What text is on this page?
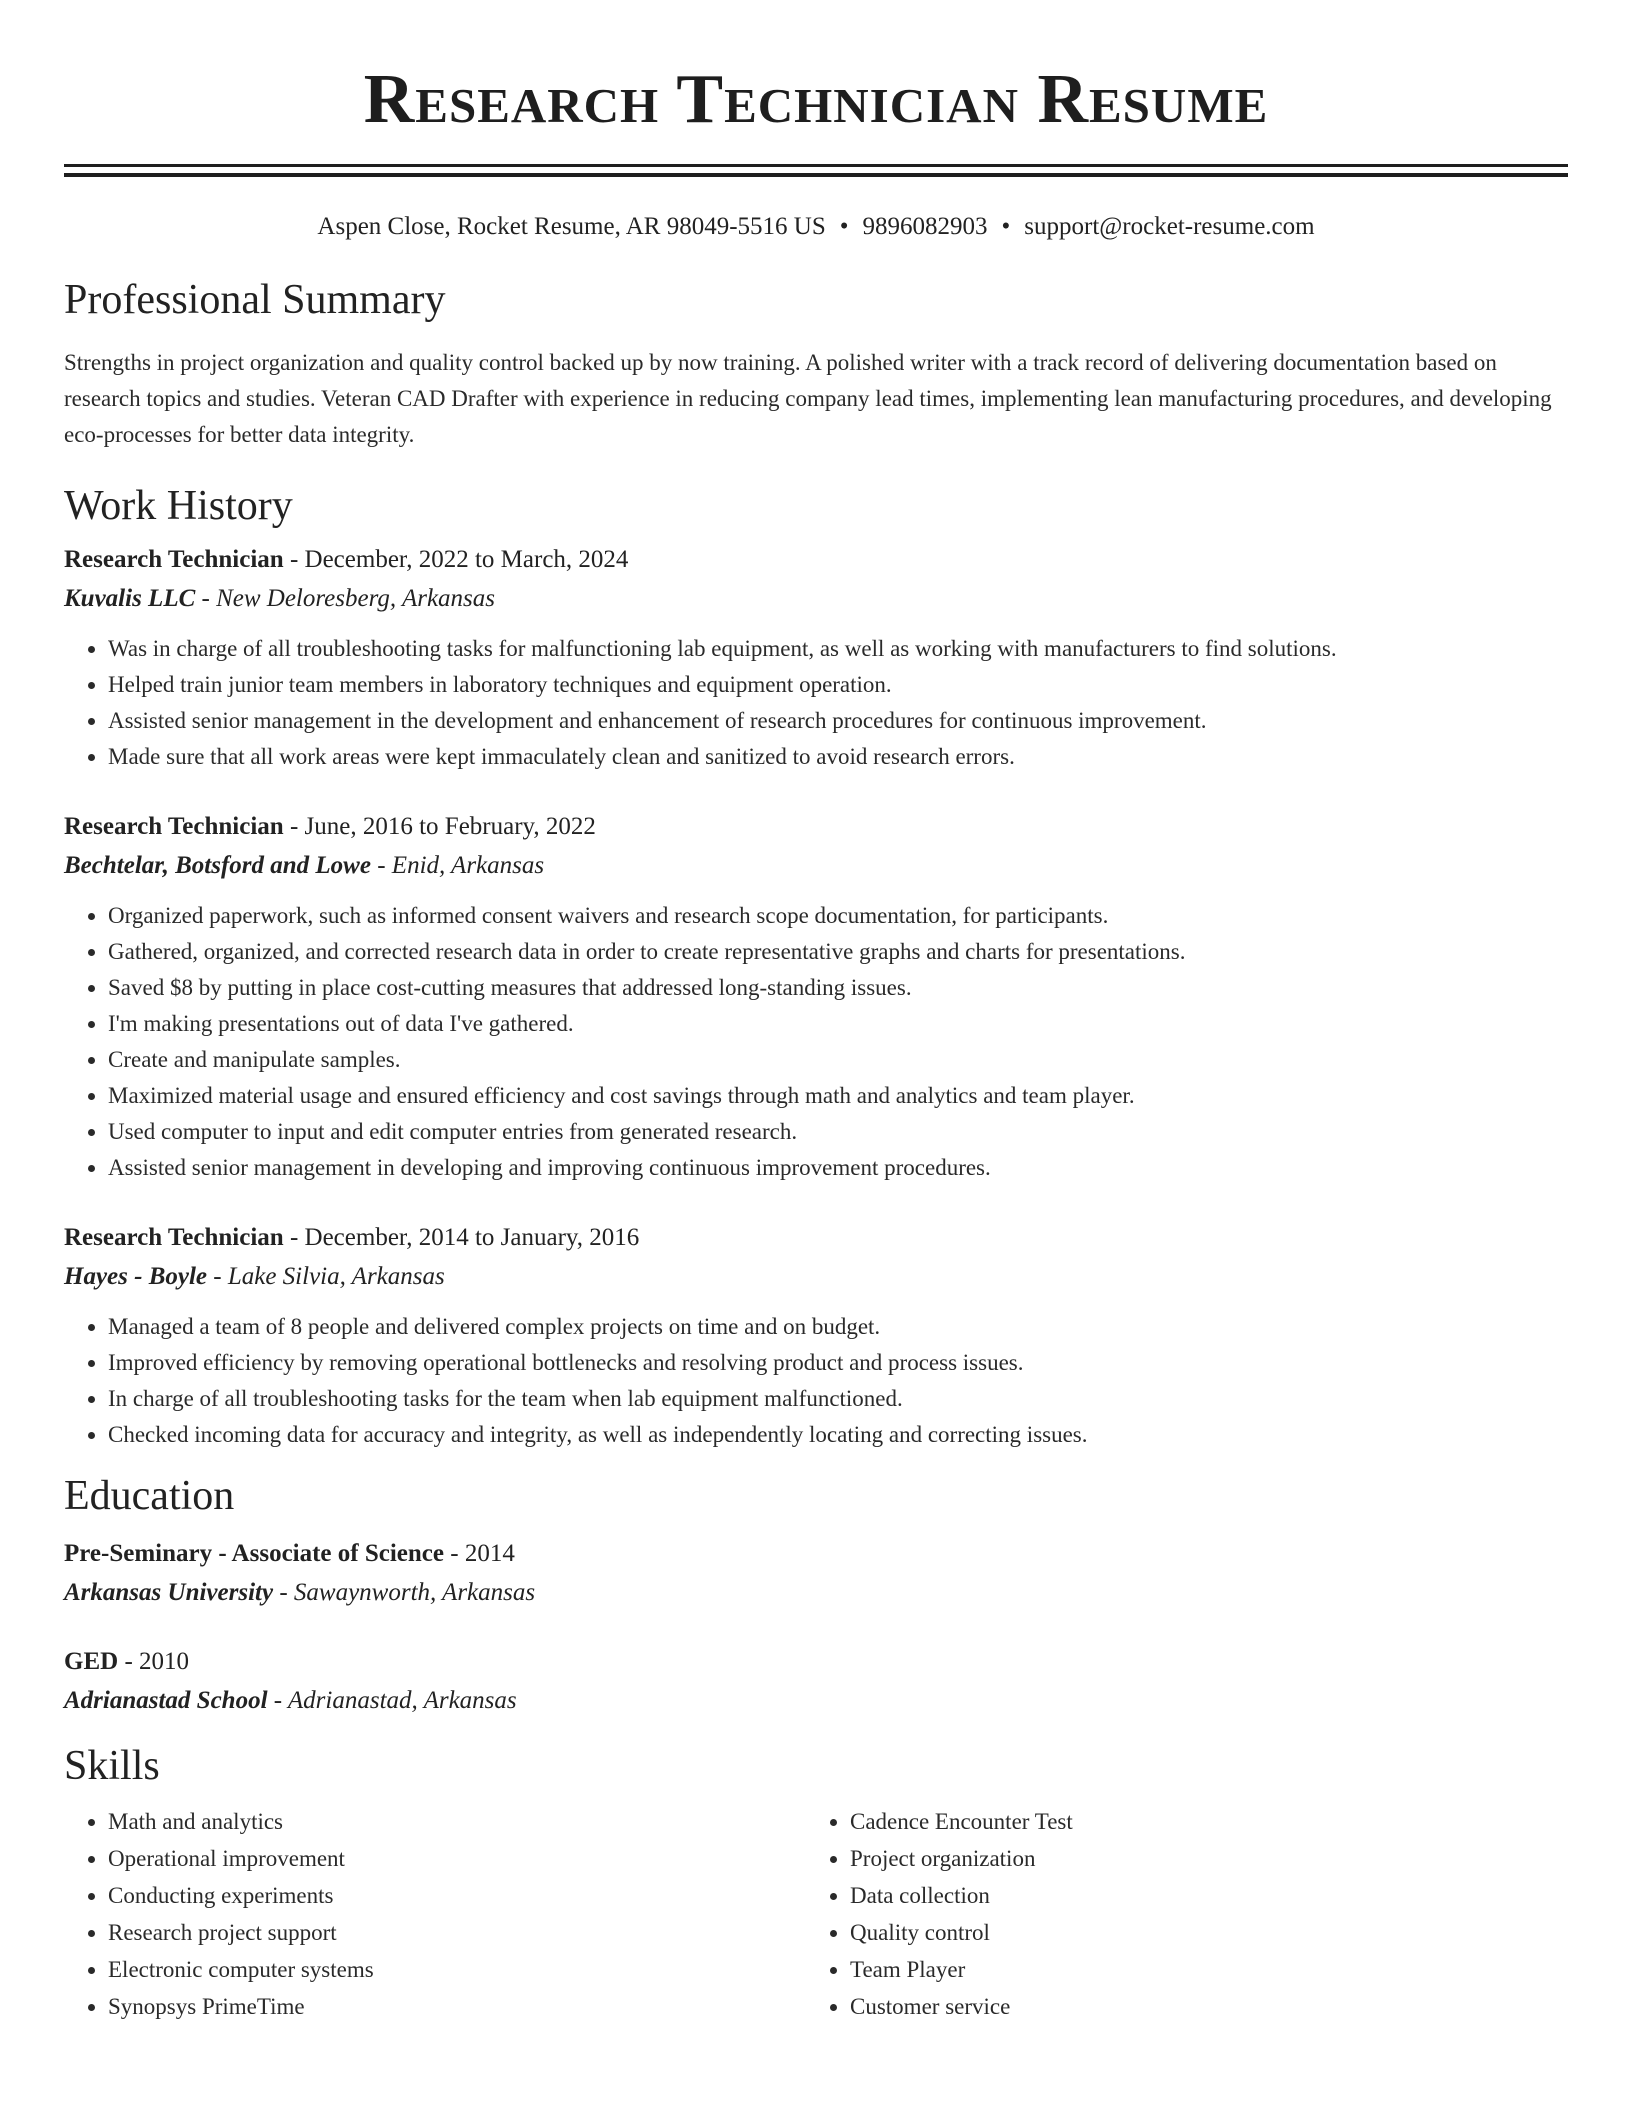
Research Technician Resume
Aspen Close, Rocket Resume, AR 98049-5516 US • 9896082903 • support@rocket-resume.com
Professional Summary
Strengths in project organization and quality control backed up by now training. A polished writer with a track record of delivering documentation based on research topics and studies. Veteran CAD Drafter with experience in reducing company lead times, implementing lean manufacturing procedures, and developing eco-processes for better data integrity.
Work History
Research Technician - December, 2022 to March, 2024
Kuvalis LLC - New Deloresberg, Arkansas
• Was in charge of all troubleshooting tasks for malfunctioning lab equipment, as well as working with manufacturers to find solutions.
• Helped train junior team members in laboratory techniques and equipment operation.
• Assisted senior management in the development and enhancement of research procedures for continuous improvement.
• Made sure that all work areas were kept immaculately clean and sanitized to avoid research errors.
Research Technician - June, 2016 to February, 2022
Bechtelar, Botsford and Lowe - Enid, Arkansas
• Organized paperwork, such as informed consent waivers and research scope documentation, for participants.
• Gathered, organized, and corrected research data in order to create representative graphs and charts for presentations.
• Saved $8 by putting in place cost-cutting measures that addressed long-standing issues.
• I'm making presentations out of data I've gathered.
• Create and manipulate samples.
• Maximized material usage and ensured efficiency and cost savings through math and analytics and team player.
• Used computer to input and edit computer entries from generated research.
• Assisted senior management in developing and improving continuous improvement procedures.
Research Technician - December, 2014 to January, 2016
Hayes - Boyle - Lake Silvia, Arkansas
• Managed a team of 8 people and delivered complex projects on time and on budget.
• Improved efficiency by removing operational bottlenecks and resolving product and process issues.
• In charge of all troubleshooting tasks for the team when lab equipment malfunctioned.
• Checked incoming data for accuracy and integrity, as well as independently locating and correcting issues.
Education
Pre-Seminary - Associate of Science - 2014
Arkansas University - Sawaynworth, Arkansas
GED - 2010
Adrianastad School - Adrianastad, Arkansas
Skills
• Math and analytics
• Operational improvement
• Conducting experiments
• Research project support
• Electronic computer systems
• Synopsys PrimeTime
• Cadence Encounter Test
• Project organization
• Data collection
• Quality control
• Team Player
• Customer service
